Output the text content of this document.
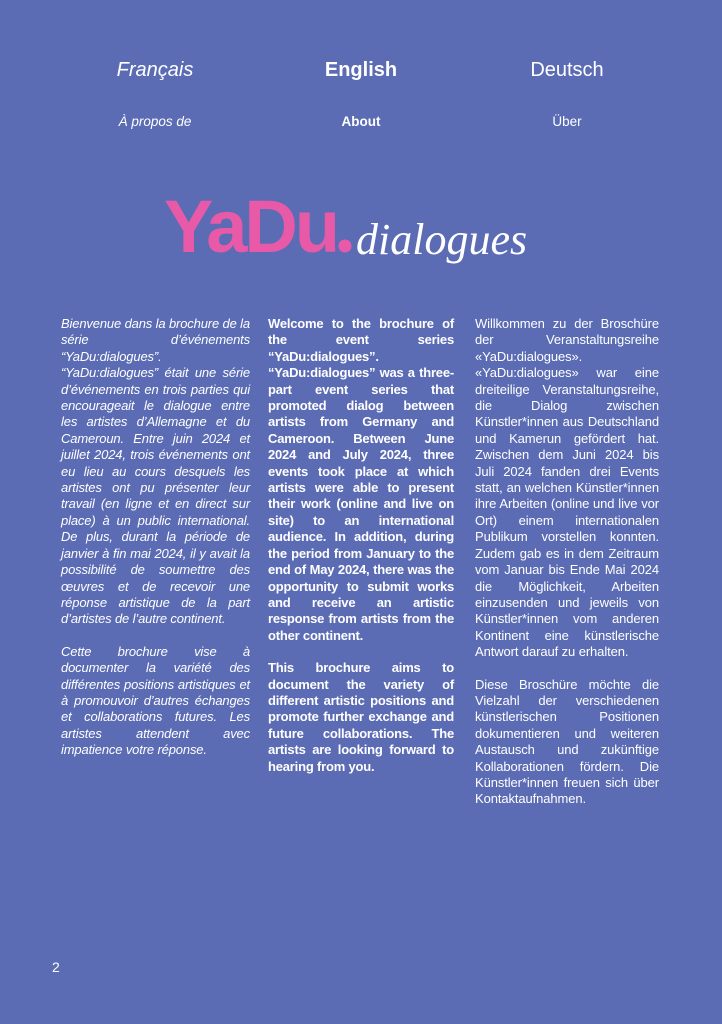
Français	English	Deutsch
À propos de	About	Über
YaDu dialogues

Bienvenue dans la brochure de la série d’événements “YaDu:dialogues”. “YaDu:dialogues” était une série d’événements en trois parties qui encourageait le dialogue entre les artistes d’Allemagne et du Cameroun. Entre juin 2024 et juillet 2024, trois événements ont eu lieu au cours desquels les artistes ont pu présenter leur travail (en ligne et en direct sur place) à un public international. De plus, durant la période de janvier à fin mai 2024, il y avait la possibilité de soumettre des œuvres et de recevoir une réponse artistique de la part d’artistes de l’autre continent.

Cette brochure vise à documenter la variété des différentes positions artistiques et à promouvoir d’autres échanges et collaborations futures. Les artistes attendent avec impatience votre réponse.

Welcome to the brochure of the event series “YaDu:dialogues”. “YaDu:dialogues” was a three-part event series that promoted dialog between artists from Germany and Cameroon. Between June 2024 and July 2024, three events took place at which artists were able to present their work (online and live on site) to an international audience. In addition, during the period from January to the end of May 2024, there was the opportunity to submit works and receive an artistic response from artists from the other continent.

This brochure aims to document the variety of different artistic positions and promote further exchange and future collaborations. The artists are looking forward to hearing from you.

Willkommen zu der Broschüre der Veranstaltungsreihe «YaDu:dialogues». «YaDu:dialogues» war eine dreiteilige Veranstaltungsreihe, die Dialog zwischen Künstler*innen aus Deutschland und Kamerun gefördert hat. Zwischen dem Juni 2024 bis Juli 2024 fanden drei Events statt, an welchen Künstler*innen ihre Arbeiten (online und live vor Ort) einem internationalen Publikum vorstellen konnten. Zudem gab es in dem Zeitraum vom Januar bis Ende Mai 2024 die Möglichkeit, Arbeiten einzusenden und jeweils von Künstler*innen vom anderen Kontinent eine künstlerische Antwort darauf zu erhalten.

Diese Broschüre möchte die Vielzahl der verschiedenen künstlerischen Positionen dokumentieren und weiteren Austausch und zukünftige Kollaborationen fördern. Die Künstler*innen freuen sich über Kontaktaufnahmen.

2
